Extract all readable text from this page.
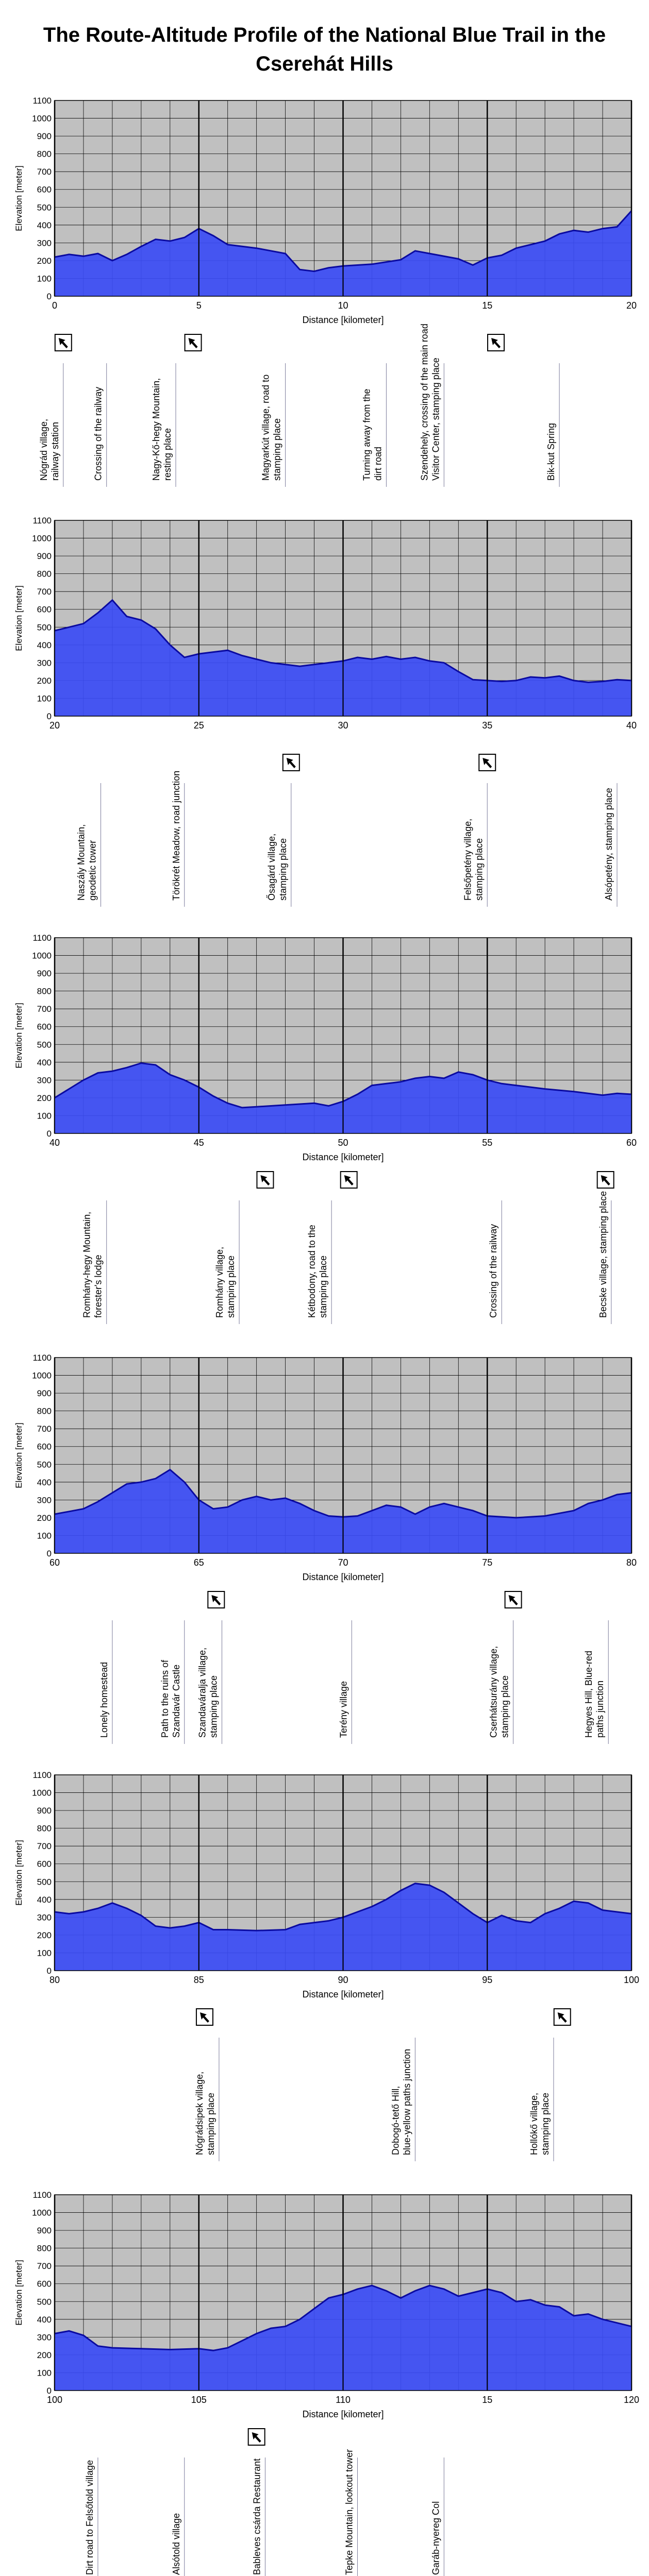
The Route-Altitude Profile of the National Blue Trail in the Cserehát Hills
0
100
200
300
400
500
600
700
800
900
1000
1100
0	5	10	15	20
Elevation [meter]
Distance [kilometer]
Nógrád village, railway station	Crossing of the railway	Nagy-Kő-hegy Mountain, resting place	Magyarkút village, road to stamping place	Turning away from the dirt road	Szendehely, crossing of the main road Visitor Center, stamping place	Bik-kut Spring
0
100
200
300
400
500
600
700
800
900
1000
1100
20	25	30	35	40
Elevation [meter]
Naszály Mountain, geodetic tower	Törökrét Meadow, road junction	Ősagárd village, stamping place	Felsőpetény village, stamping place	Alsópetény, stamping place
0
100
200
300
400
500
600
700
800
900
1000
1100
40	45	50	55	60
Elevation [meter]
Distance [kilometer]
Romhány-hegy Mountain, forester's lodge	Romhány village, stamping place	Kétbodony, road to the stamping place	Crossing of the railway	Becske village, stamping place
0
100
200
300
400
500
600
700
800
900
1000
1100
60	65	70	75	80
Elevation [meter]
Distance [kilometer]
Lonely homestead	Path to the ruins of Szandavár Castle Szandaváralja village, stamping place	Terény village	Cserhátsurány village, stamping place	Hegyes Hill, Blue-red paths junction
0
100
200
300
400
500
600
700
800
900
1000
1100
80	85	90	95	100
Elevation [meter]
Distance [kilometer]
Nógrádsipek village, stamping place	Dobogó-tető Hill, blue-yellow paths junction	Hollókő village, stamping place
0
100
200
300
400
500
600
700
800
900
1000
1100
100	105	110	15	120
Elevation [meter]
Distance [kilometer]
Dirt road to Felsőtold village	Alsótold village	Bableves csárda Restaurant	Tepke Mountain, lookout tower	Garáb-nyereg Col
